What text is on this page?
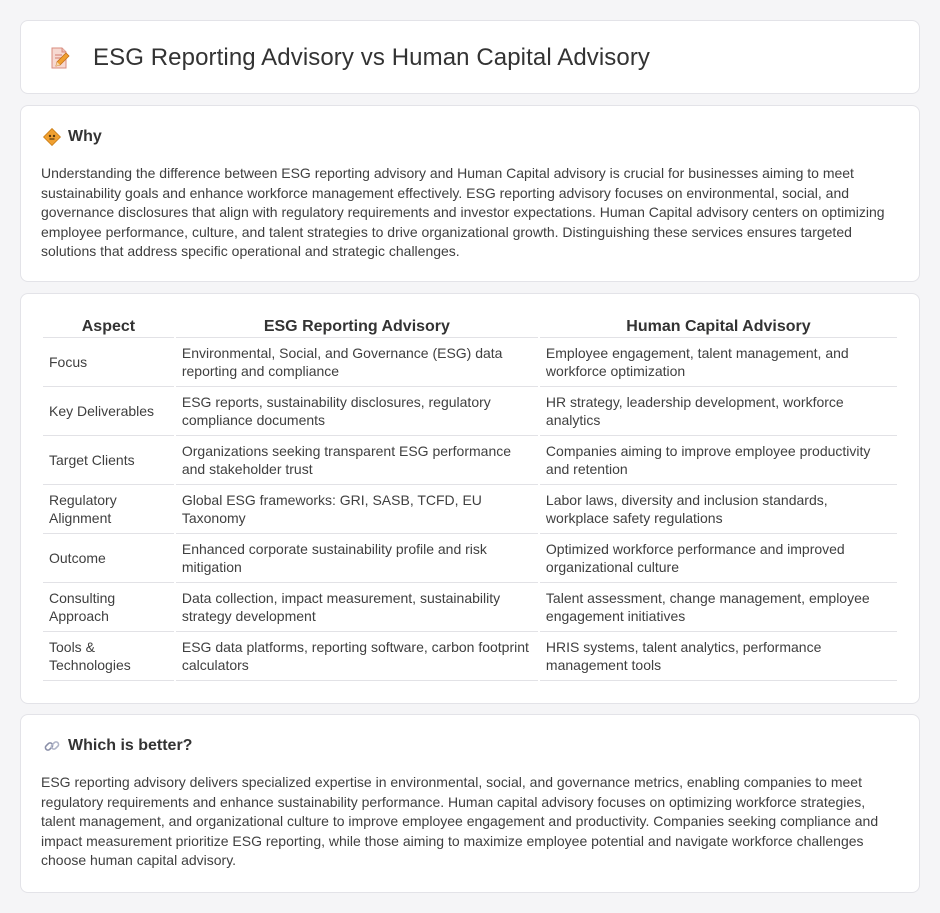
ESG Reporting Advisory vs Human Capital Advisory
Why

Understanding the difference between ESG reporting advisory and Human Capital advisory is crucial for businesses aiming to meet sustainability goals and enhance workforce management effectively. ESG reporting advisory focuses on environmental, social, and governance disclosures that align with regulatory requirements and investor expectations. Human Capital advisory centers on optimizing employee performance, culture, and talent strategies to drive organizational growth. Distinguishing these services ensures targeted solutions that address specific operational and strategic challenges.

Aspect	ESG Reporting Advisory	Human Capital Advisory
Focus	Environmental, Social, and Governance (ESG) data reporting and compliance	Employee engagement, talent management, and workforce optimization
Key Deliverables	ESG reports, sustainability disclosures, regulatory compliance documents	HR strategy, leadership development, workforce analytics
Target Clients	Organizations seeking transparent ESG performance and stakeholder trust	Companies aiming to improve employee productivity and retention
Regulatory Alignment	Global ESG frameworks: GRI, SASB, TCFD, EU Taxonomy	Labor laws, diversity and inclusion standards, workplace safety regulations
Outcome	Enhanced corporate sustainability profile and risk mitigation	Optimized workforce performance and improved organizational culture
Consulting Approach	Data collection, impact measurement, sustainability strategy development	Talent assessment, change management, employee engagement initiatives
Tools & Technologies	ESG data platforms, reporting software, carbon footprint calculators	HRIS systems, talent analytics, performance management tools
Which is better?

ESG reporting advisory delivers specialized expertise in environmental, social, and governance metrics, enabling companies to meet regulatory requirements and enhance sustainability performance. Human capital advisory focuses on optimizing workforce strategies, talent management, and organizational culture to improve employee engagement and productivity. Companies seeking compliance and impact measurement prioritize ESG reporting, while those aiming to maximize employee potential and navigate workforce challenges choose human capital advisory.
